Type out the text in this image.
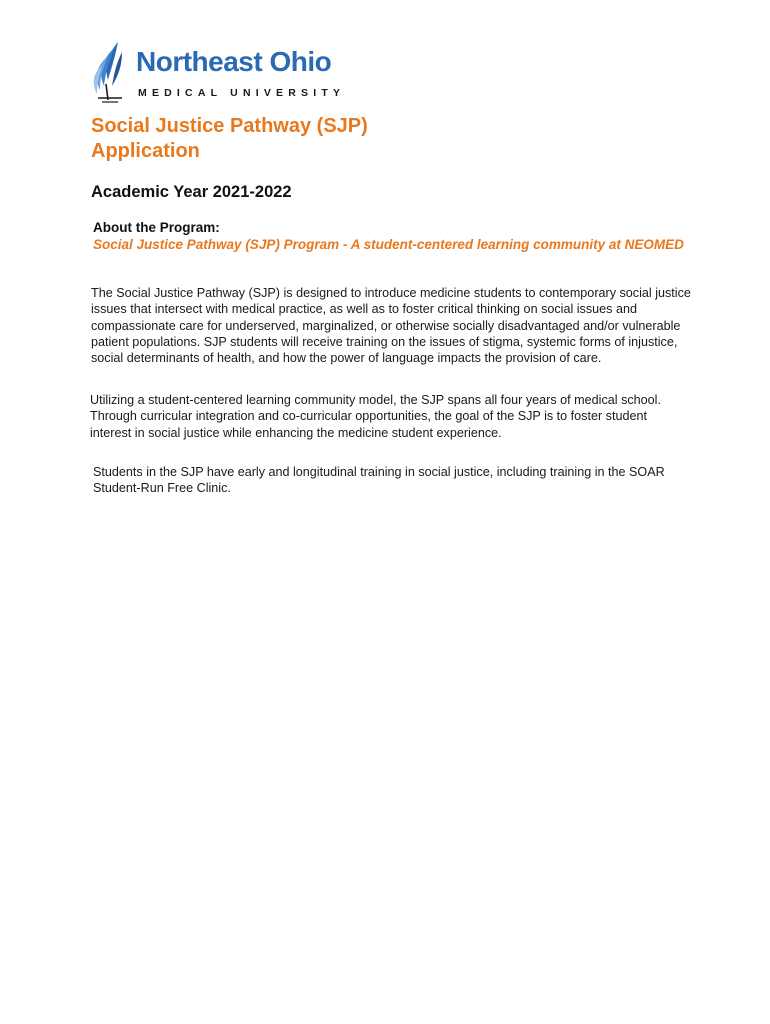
Northeast Ohio
MEDICAL UNIVERSITY
Social Justice Pathway (SJP)
Application
Academic Year 2021-2022
About the Program:
Social Justice Pathway (SJP) Program - A student-centered learning community at NEOMED

The Social Justice Pathway (SJP) is designed to introduce medicine students to contemporary social justice issues that intersect with medical practice, as well as to foster critical thinking on social issues and compassionate care for underserved, marginalized, or otherwise socially disadvantaged and/or vulnerable patient populations. SJP students will receive training on the issues of stigma, systemic forms of injustice, social determinants of health, and how the power of language impacts the provision of care.

Utilizing a student-centered learning community model, the SJP spans all four years of medical school. Through curricular integration and co-curricular opportunities, the goal of the SJP is to foster student interest in social justice while enhancing the medicine student experience.

Students in the SJP have early and longitudinal training in social justice, including training in the SOAR Student-Run Free Clinic.
